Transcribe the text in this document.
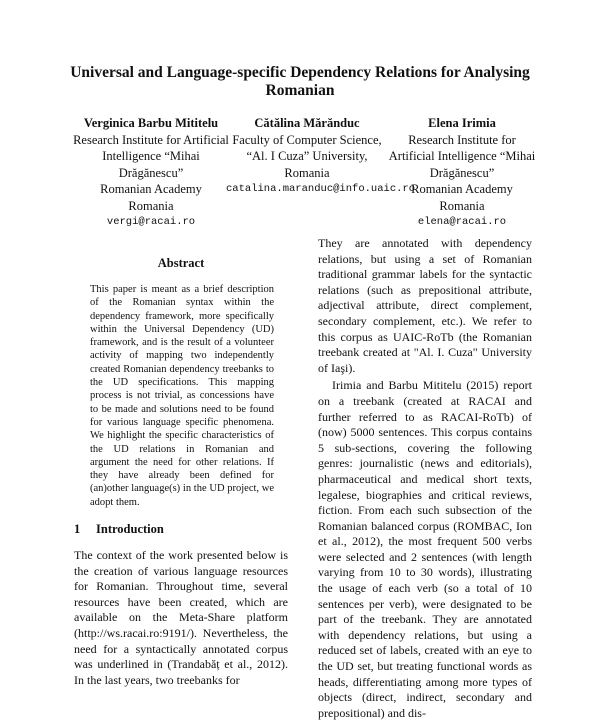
Universal and Language-specific Dependency Relations for Analysing Romanian
Verginica Barbu Mititelu
Research Institute for Artificial Intelligence “Mihai Drăgănescu”
Romanian Academy
Romania
vergi@racai.ro
Cătălina Mărănduc
Faculty of Computer Science,
“Al. I Cuza” University,
Romania
catalina.maranduc@info.uaic.ro
Elena Irimia
Research Institute for Artificial Intelligence “Mihai Drăgănescu”
Romanian Academy
Romania
elena@racai.ro
Abstract

This paper is meant as a brief description of the Romanian syntax within the dependency framework, more specifically within the Universal Dependency (UD) framework, and is the result of a volunteer activity of mapping two independently created Romanian dependency treebanks to the UD specifications. This mapping process is not trivial, as concessions have to be made and solutions need to be found for various language specific phenomena. We highlight the specific characteristics of the UD relations in Romanian and argument the need for other relations. If they have already been defined for (an)other language(s) in the UD project, we adopt them.

1 Introduction

The context of the work presented below is the creation of various language resources for Romanian. Throughout time, several resources have been created, which are available on the Meta-Share platform (http://ws.racai.ro:9191/). Nevertheless, the need for a syntactically annotated corpus was underlined in (Trandabăț et al., 2012). In the last years, two treebanks for

They are annotated with dependency relations, but using a set of Romanian traditional grammar labels for the syntactic relations (such as prepositional attribute, adjectival attribute, direct complement, secondary complement, etc.). We refer to this corpus as UAIC-RoTb (the Romanian treebank created at "Al. I. Cuza" University of Iaşi).

Irimia and Barbu Mititelu (2015) report on a treebank (created at RACAI and further referred to as RACAI-RoTb) of (now) 5000 sentences. This corpus contains 5 sub-sections, covering the following genres: journalistic (news and editorials), pharmaceutical and medical short texts, legalese, biographies and critical reviews, fiction. From each such subsection of the Romanian balanced corpus (ROMBAC, Ion et al., 2012), the most frequent 500 verbs were selected and 2 sentences (with length varying from 10 to 30 words), illustrating the usage of each verb (so a total of 10 sentences per verb), were designated to be part of the treebank. They are annotated with dependency relations, but using a reduced set of labels, created with an eye to the UD set, but treating functional words as heads, differentiating among more types of objects (direct, indirect, secondary and prepositional) and dis-
